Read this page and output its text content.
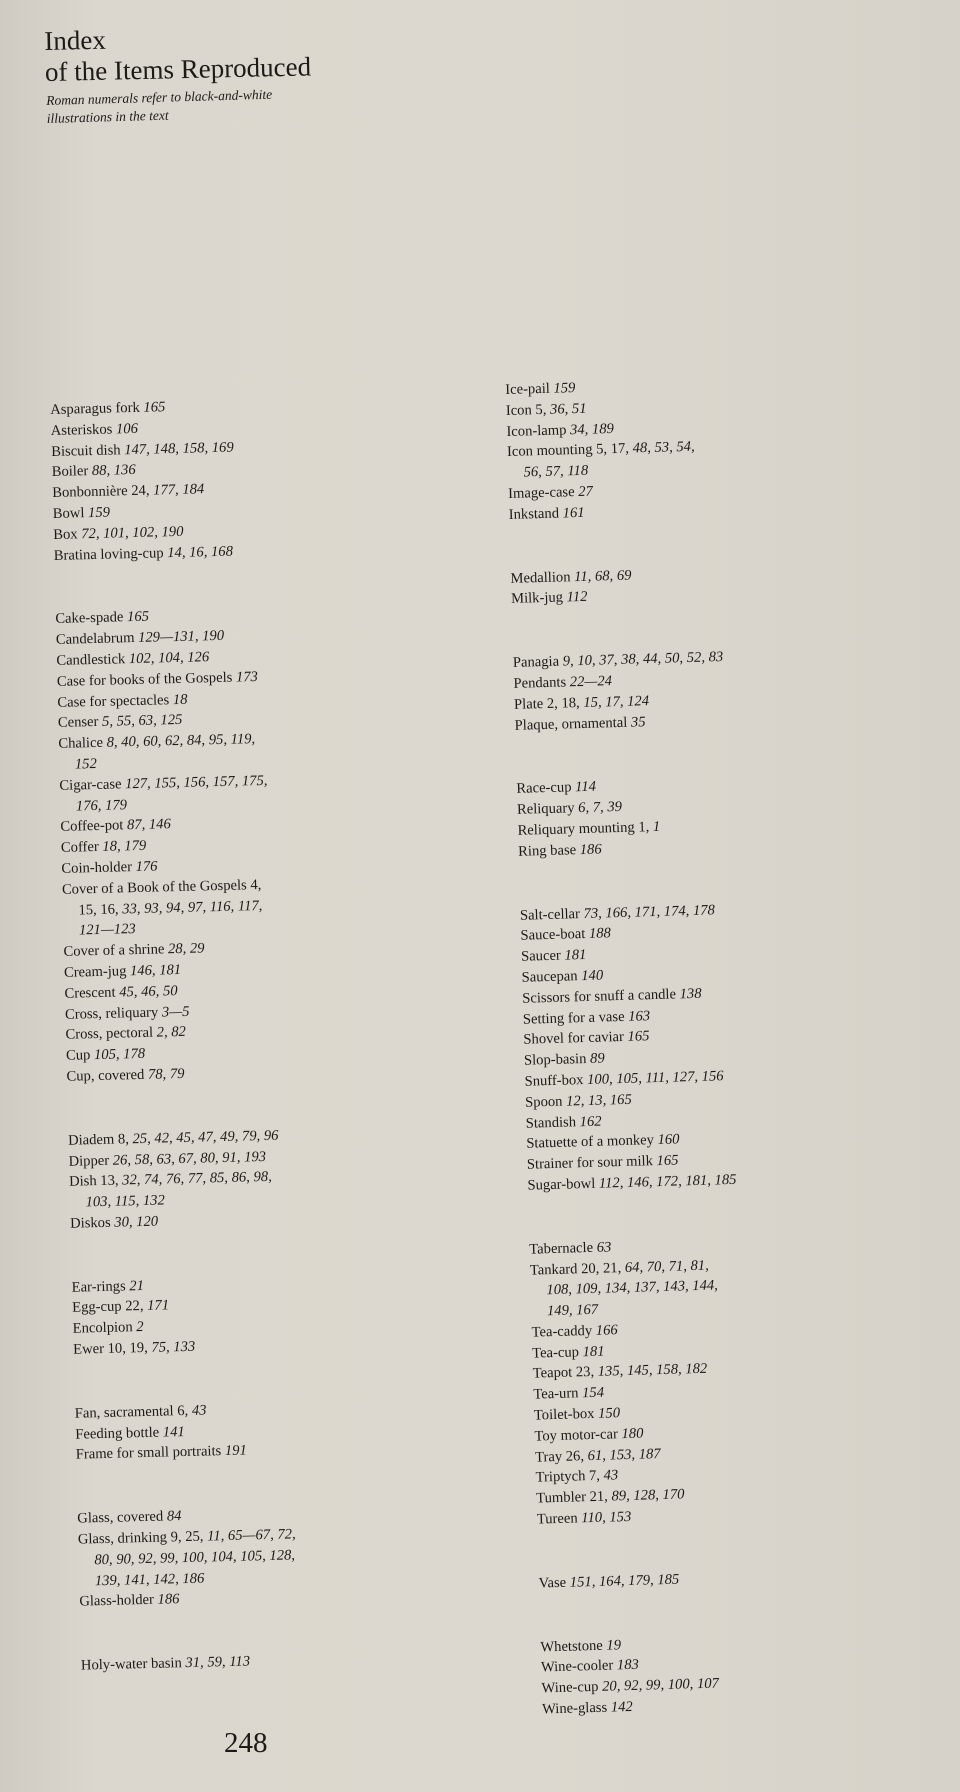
Index
of the Items Reproduced
Roman numerals refer to black-and-white
illustrations in the text
Asparagus fork 165
Asteriskos 106
Biscuit dish 147, 148, 158, 169
Boiler 88, 136
Bonbonnière 24, 177, 184
Bowl 159
Box 72, 101, 102, 190
Bratina loving-cup 14, 16, 168
Cake-spade 165
Candelabrum 129—131, 190
Candlestick 102, 104, 126
Case for books of the Gospels 173
Case for spectacles 18
Censer 5, 55, 63, 125
Chalice 8, 40, 60, 62, 84, 95, 119,
152
Cigar-case 127, 155, 156, 157, 175,
176, 179
Coffee-pot 87, 146
Coffer 18, 179
Coin-holder 176
Cover of a Book of the Gospels 4,
15, 16, 33, 93, 94, 97, 116, 117,
121—123
Cover of a shrine 28, 29
Cream-jug 146, 181
Crescent 45, 46, 50
Cross, reliquary 3—5
Cross, pectoral 2, 82
Cup 105, 178
Cup, covered 78, 79
Diadem 8, 25, 42, 45, 47, 49, 79, 96
Dipper 26, 58, 63, 67, 80, 91, 193
Dish 13, 32, 74, 76, 77, 85, 86, 98,
103, 115, 132
Diskos 30, 120
Ear-rings 21
Egg-cup 22, 171
Encolpion 2
Ewer 10, 19, 75, 133
Fan, sacramental 6, 43
Feeding bottle 141
Frame for small portraits 191
Glass, covered 84
Glass, drinking 9, 25, 11, 65—67, 72,
80, 90, 92, 99, 100, 104, 105, 128,
139, 141, 142, 186
Glass-holder 186
Holy-water basin 31, 59, 113
Ice-pail 159
Icon 5, 36, 51
Icon-lamp 34, 189
Icon mounting 5, 17, 48, 53, 54,
56, 57, 118
Image-case 27
Inkstand 161
Medallion 11, 68, 69
Milk-jug 112
Panagia 9, 10, 37, 38, 44, 50, 52, 83
Pendants 22—24
Plate 2, 18, 15, 17, 124
Plaque, ornamental 35
Race-cup 114
Reliquary 6, 7, 39
Reliquary mounting 1, 1
Ring base 186
Salt-cellar 73, 166, 171, 174, 178
Sauce-boat 188
Saucer 181
Saucepan 140
Scissors for snuff a candle 138
Setting for a vase 163
Shovel for caviar 165
Slop-basin 89
Snuff-box 100, 105, 111, 127, 156
Spoon 12, 13, 165
Standish 162
Statuette of a monkey 160
Strainer for sour milk 165
Sugar-bowl 112, 146, 172, 181, 185
Tabernacle 63
Tankard 20, 21, 64, 70, 71, 81,
108, 109, 134, 137, 143, 144,
149, 167
Tea-caddy 166
Tea-cup 181
Teapot 23, 135, 145, 158, 182
Tea-urn 154
Toilet-box 150
Toy motor-car 180
Tray 26, 61, 153, 187
Triptych 7, 43
Tumbler 21, 89, 128, 170
Tureen 110, 153
Vase 151, 164, 179, 185
Whetstone 19
Wine-cooler 183
Wine-cup 20, 92, 99, 100, 107
Wine-glass 142
248
